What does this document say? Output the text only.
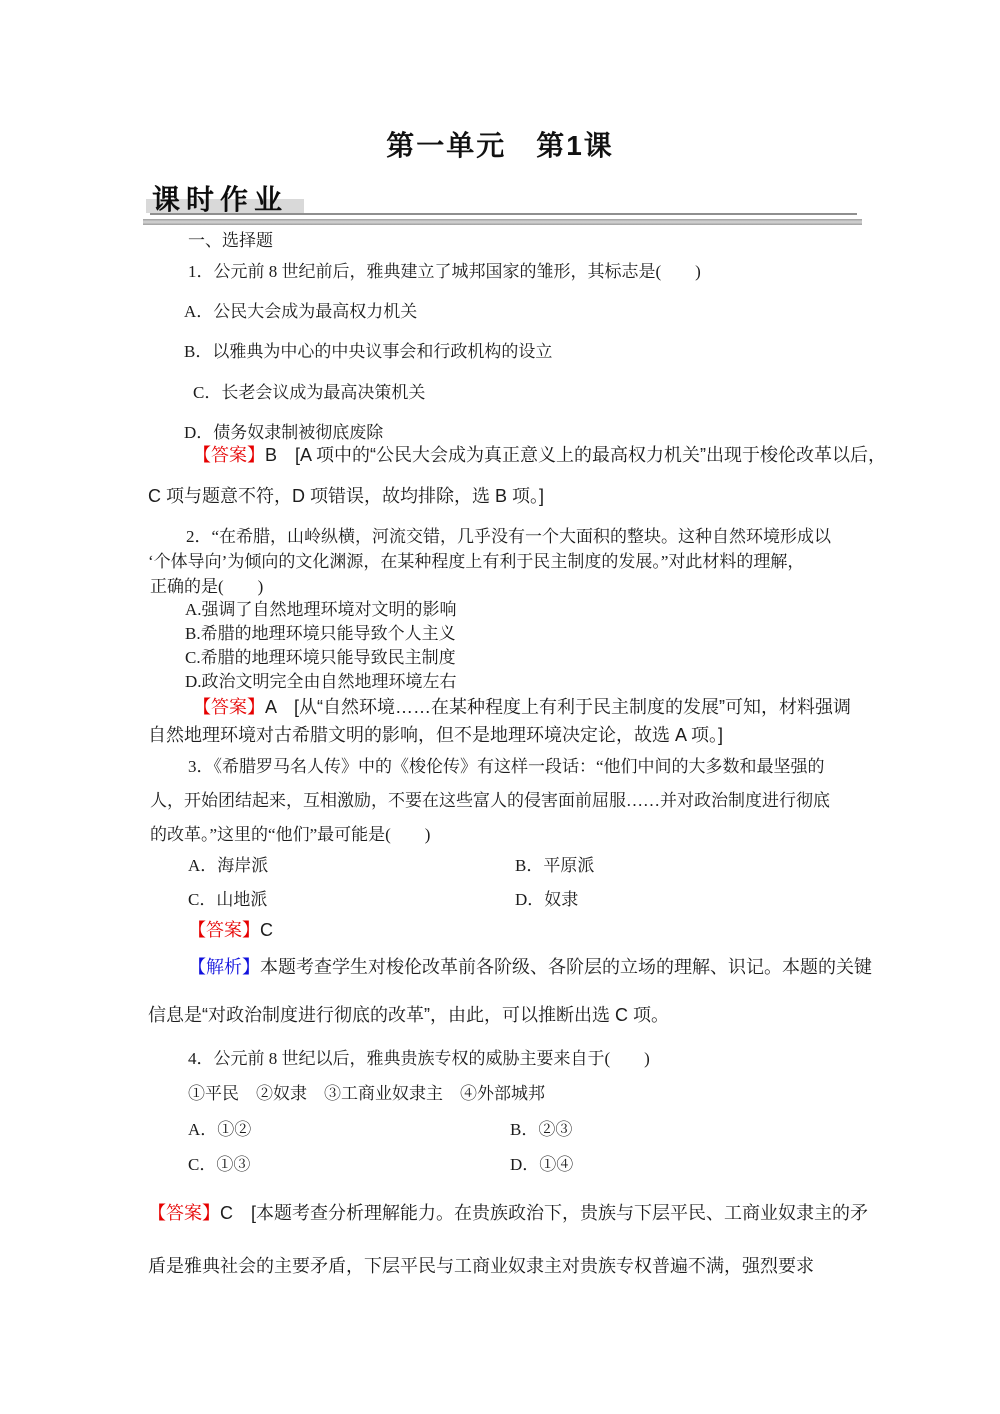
第一单元　第1课
课时作业
一、选择题
1．公元前 8 世纪前后，雅典建立了城邦国家的雏形，其标志是(　　)
A．公民大会成为最高权力机关
B．以雅典为中心的中央议事会和行政机构的设立
C．长老会议成为最高决策机关
D．债务奴隶制被彻底废除
【答案】B　[A 项中的“公民大会成为真正意义上的最高权力机关”出现于梭伦改革以后，
C 项与题意不符，D 项错误，故均排除，选 B 项。]
2．“在希腊，山岭纵横，河流交错，几乎没有一个大面积的整块。这种自然环境形成以
‘个体导向’为倾向的文化渊源，在某种程度上有利于民主制度的发展。”对此材料的理解，
正确的是(　　)
A.强调了自然地理环境对文明的影响
B.希腊的地理环境只能导致个人主义
C.希腊的地理环境只能导致民主制度
D.政治文明完全由自然地理环境左右
【答案】A　[从“自然环境……在某种程度上有利于民主制度的发展”可知，材料强调
自然地理环境对古希腊文明的影响，但不是地理环境决定论，故选 A 项。]
3．《希腊罗马名人传》中的《梭伦传》有这样一段话：“他们中间的大多数和最坚强的
人，开始团结起来，互相激励，不要在这些富人的侵害面前屈服……并对政治制度进行彻底
的改革。”这里的“他们”最可能是(　　)
A．海岸派	B．平原派
C．山地派	D．奴隶
【答案】C
【解析】本题考查学生对梭伦改革前各阶级、各阶层的立场的理解、识记。本题的关键
信息是“对政治制度进行彻底的改革”，由此，可以推断出选 C 项。
4．公元前 8 世纪以后，雅典贵族专权的威胁主要来自于(　　)
①平民　②奴隶　③工商业奴隶主　④外部城邦
A．①②	B．②③
C．①③	D．①④
【答案】C　[本题考查分析理解能力。在贵族政治下，贵族与下层平民、工商业奴隶主的矛
盾是雅典社会的主要矛盾，下层平民与工商业奴隶主对贵族专权普遍不满，强烈要求
